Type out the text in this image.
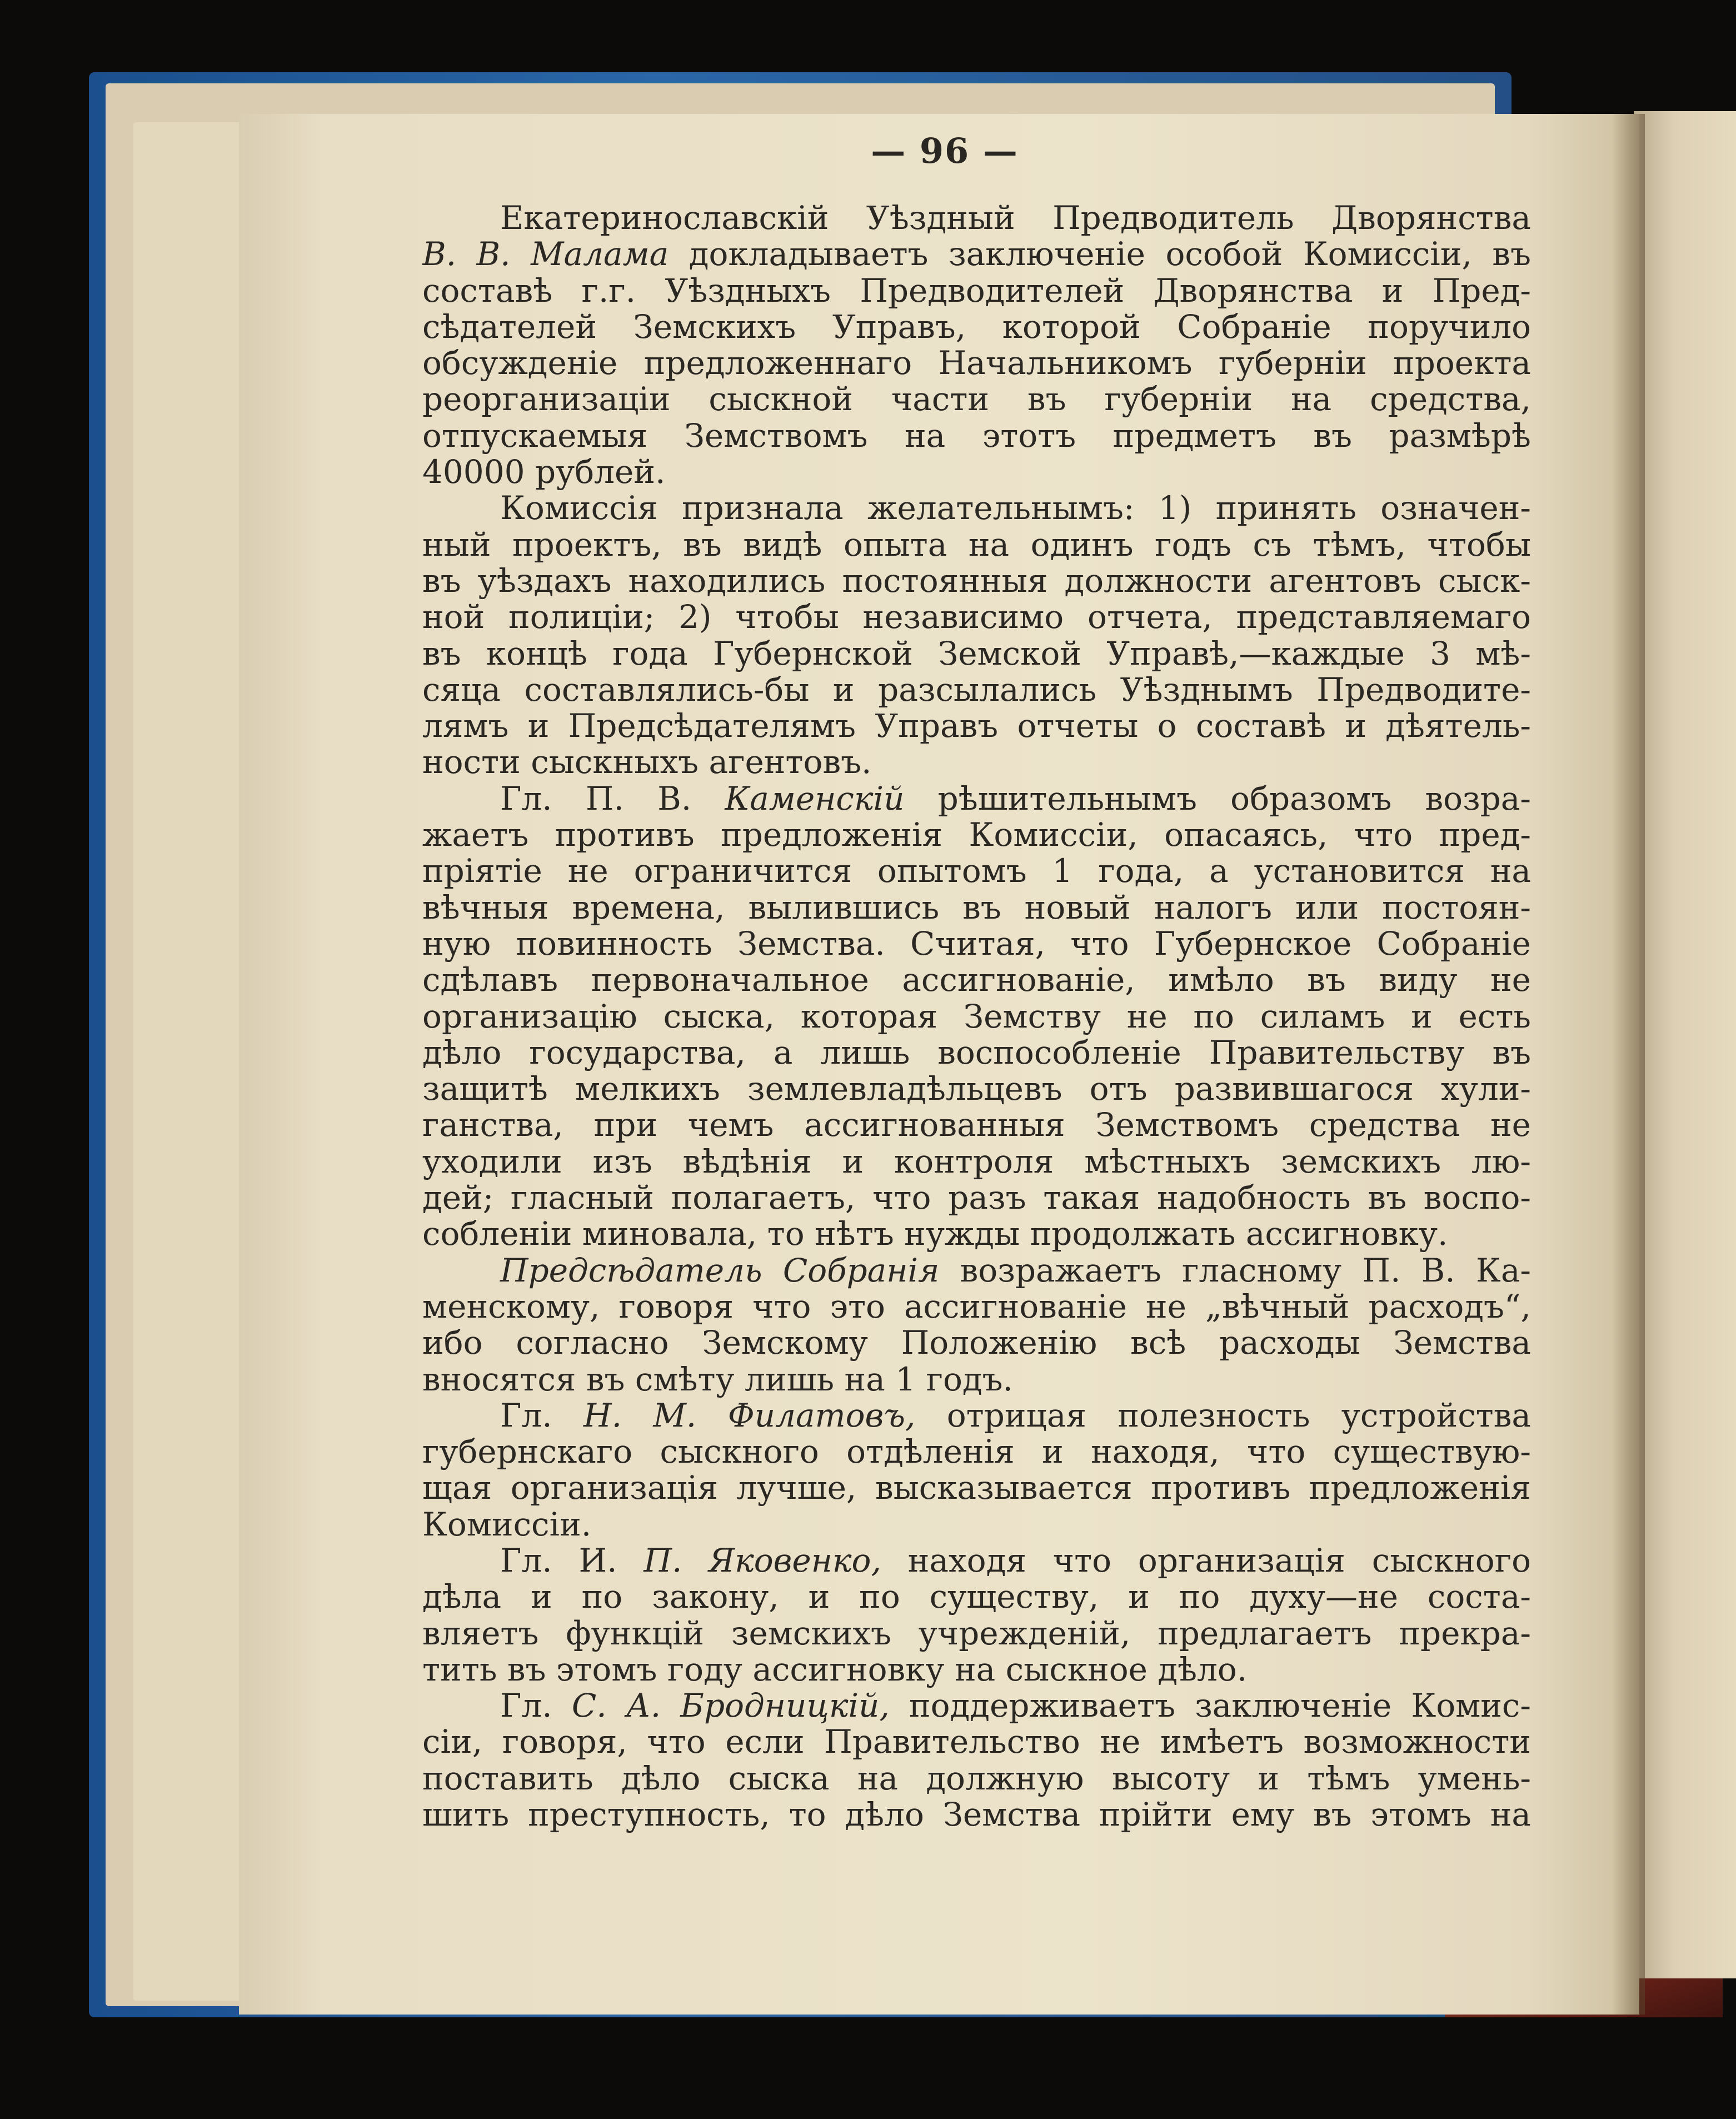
— 96 —
Екатеринославскій Уѣздный Предводитель Дворянства
В. В. Малама докладываетъ заключеніе особой Комиссіи, въ
составѣ г.г. Уѣздныхъ Предводителей Дворянства и Пред-
сѣдателей Земскихъ Управъ, которой Собраніе поручило
обсужденіе предложеннаго Начальникомъ губерніи проекта
реорганизаціи сыскной части въ губерніи на средства,
отпускаемыя Земствомъ на этотъ предметъ въ размѣрѣ
40000 рублей.
Комиссія признала желательнымъ: 1) принять означен-
ный проектъ, въ видѣ опыта на одинъ годъ съ тѣмъ, чтобы
въ уѣздахъ находились постоянныя должности агентовъ сыск-
ной полиціи; 2) чтобы независимо отчета, представляемаго
въ концѣ года Губернской Земской Управѣ,—каждые 3 мѣ-
сяца составлялись-бы и разсылались Уѣзднымъ Предводите-
лямъ и Предсѣдателямъ Управъ отчеты о составѣ и дѣятель-
ности сыскныхъ агентовъ.
Гл. П. В. Каменскій рѣшительнымъ образомъ возра-
жаетъ противъ предложенія Комиссіи, опасаясь, что пред-
пріятіе не ограничится опытомъ 1 года, а установится на
вѣчныя времена, вылившись въ новый налогъ или постоян-
ную повинность Земства. Считая, что Губернское Собраніе
сдѣлавъ первоначальное ассигнованіе, имѣло въ виду не
организацію сыска, которая Земству не по силамъ и есть
дѣло государства, а лишь воспособленіе Правительству въ
защитѣ мелкихъ землевладѣльцевъ отъ развившагося хули-
ганства, при чемъ ассигнованныя Земствомъ средства не
уходили изъ вѣдѣнія и контроля мѣстныхъ земскихъ лю-
дей; гласный полагаетъ, что разъ такая надобность въ воспо-
собленіи миновала, то нѣтъ нужды продолжать ассигновку.
Предсѣдатель Собранія возражаетъ гласному П. В. Ка-
менскому, говоря что это ассигнованіе не „вѣчный расходъ“,
ибо согласно Земскому Положенію всѣ расходы Земства
вносятся въ смѣту лишь на 1 годъ.
Гл. Н. М. Филатовъ, отрицая полезность устройства
губернскаго сыскного отдѣленія и находя, что существую-
щая организація лучше, высказывается противъ предложенія
Комиссіи.
Гл. И. П. Яковенко, находя что организація сыскного
дѣла и по закону, и по существу, и по духу—не соста-
вляетъ функцій земскихъ учрежденій, предлагаетъ прекра-
тить въ этомъ году ассигновку на сыскное дѣло.
Гл. С. А. Бродницкій, поддерживаетъ заключеніе Комис-
сіи, говоря, что если Правительство не имѣетъ возможности
поставить дѣло сыска на должную высоту и тѣмъ умень-
шить преступность, то дѣло Земства прійти ему въ этомъ на
